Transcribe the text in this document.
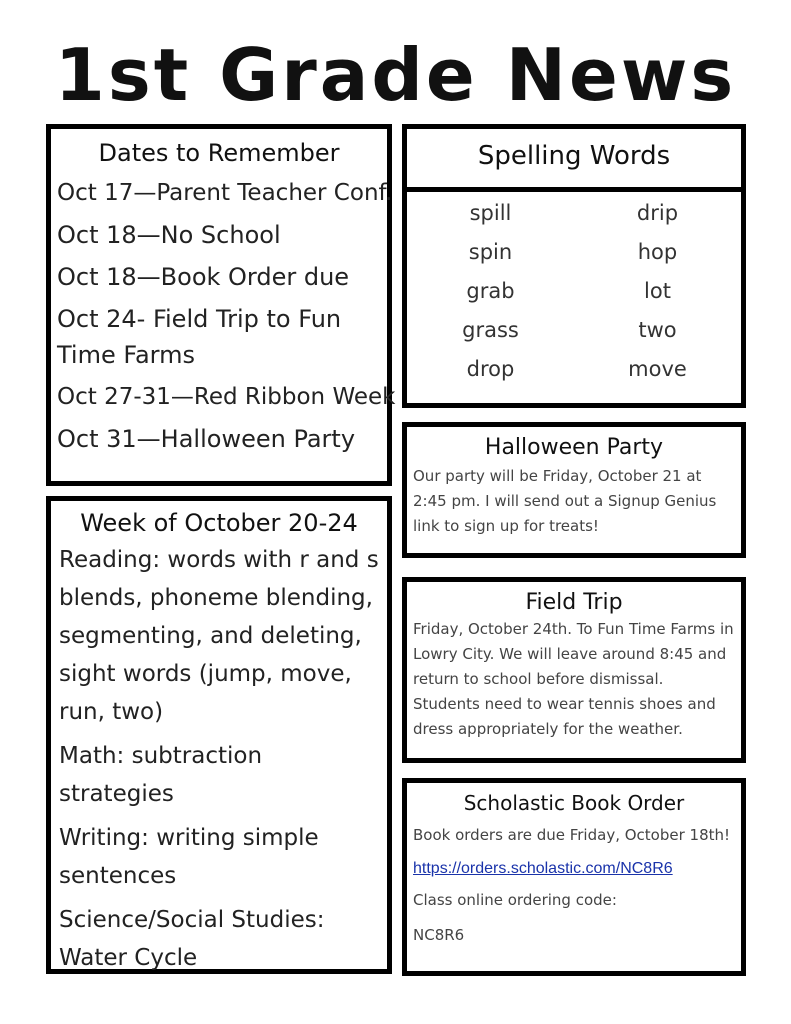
1st Grade News
Dates to Remember
Oct 17—Parent Teacher Conf.
Oct 18—No School
Oct 18—Book Order due
Oct 24- Field Trip to Fun Time Farms
Oct 27-31—Red Ribbon Week
Oct 31—Halloween Party
Spelling Words
spill	drip
spin	hop
grab	lot
grass	two
drop	move
Halloween Party
Our party will be Friday, October 21 at 2:45 pm. I will send out a Signup Genius link to sign up for treats!
Week of October 20-24

Reading: words with r and s blends, phoneme blending, segmenting, and deleting, sight words (jump, move, run, two)

Math: subtraction strategies

Writing: writing simple sentences

Science/Social Studies: Water Cycle

Field Trip
Friday, October 24th. To Fun Time Farms in Lowry City. We will leave around 8:45 and return to school before dismissal. Students need to wear tennis shoes and dress appropriately for the weather.
Scholastic Book Order
Book orders are due Friday, October 18th!
https://orders.scholastic.com/NC8R6
Class online ordering code:
NC8R6
